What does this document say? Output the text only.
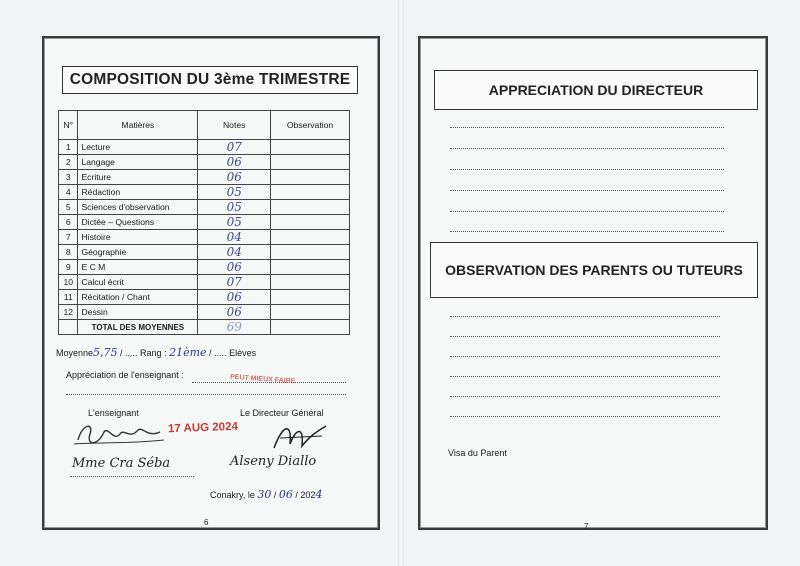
COMPOSITION DU 3ème TRIMESTRE
N°	Matières	Notes	Observation
1	Lecture	07	
2	Langage	06	
3	Ecriture	06	
4	Rédaction	05	
5	Sciences d'observation	05	
6	Dictée – Questions	05	
7	Histoire	04	
8	Géographie	04	
9	E C M	06	
10	Calcul écrit	07	
11	Récitation / Chant	06	
12	Dessin	06	
	TOTAL DES MOYENNES	69	
Moyenne5,75 / ..... Rang : 21ème / ..... Elèves
Appréciation de l'enseignant :	PEUT MIEUX FAIRE
L'enseignant	Le Directeur Général
17 AUG 2024
Mme Cra Séba	Alseny Diallo
Conakry, le 30 / 06 / 2024
6
APPRECIATION DU DIRECTEUR
OBSERVATION DES PARENTS OU TUTEURS
Visa du Parent
7
